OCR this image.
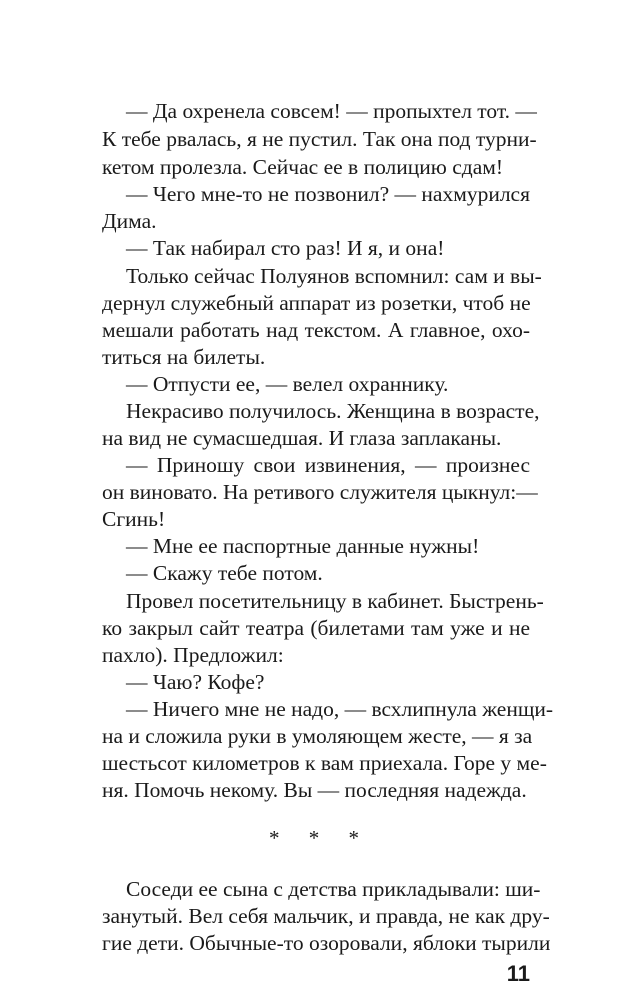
— Да охренела совсем! — пропыхтел тот. —
К тебе рвалась, я не пустил. Так она под турни-
кетом пролезла. Сейчас ее в полицию сдам!
— Чего мне-то не позвонил? — нахмурился
Дима.
— Так набирал сто раз! И я, и она!
Только сейчас Полуянов вспомнил: сам и вы-
дернул служебный аппарат из розетки, чтоб не
мешали работать над текстом. А главное, охо-
титься на билеты.
— Отпусти ее, — велел охраннику.
Некрасиво получилось. Женщина в возрасте,
на вид не сумасшедшая. И глаза заплаканы.
— Приношу свои извинения, — произнес
он виновато. На ретивого служителя цыкнул:—
Сгинь!
— Мне ее паспортные данные нужны!
— Скажу тебе потом.
Провел посетительницу в кабинет. Быстрень-
ко закрыл сайт театра (билетами там уже и не
пахло). Предложил:
— Чаю? Кофе?
— Ничего мне не надо, — всхлипнула женщи-
на и сложила руки в умоляющем жесте, — я за
шестьсот километров к вам приехала. Горе у ме-
ня. Помочь некому. Вы — последняя надежда.
* * *
Соседи ее сына с детства прикладывали: ши-
занутый. Вел себя мальчик, и правда, не как дру-
гие дети. Обычные-то озоровали, яблоки тырили
11
